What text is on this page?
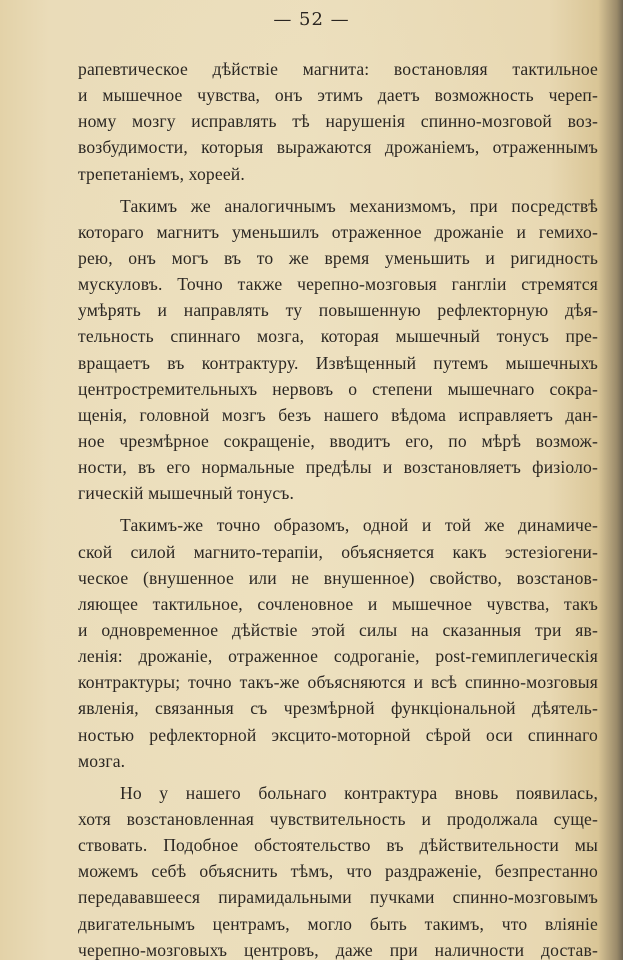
— 52 —
рапевтическое дѣйствіе магнита: востановляя тактильное
и мышечное чувства, онъ этимъ даетъ возможность череп-
ному мозгу исправлять тѣ нарушенія спинно-мозговой воз-
возбудимости, которыя выражаются дрожаніемъ, отраженнымъ
трепетаніемъ, хореей.
Такимъ же аналогичнымъ механизмомъ, при посредствѣ
котораго магнитъ уменьшилъ отраженное дрожаніе и гемихо-
рею, онъ могъ въ то же время уменьшить и ригидность
мускуловъ. Точно также черепно-мозговыя гангліи стремятся
умѣрять и направлять ту повышенную рефлекторную дѣя-
тельность спиннаго мозга, которая мышечный тонусъ пре-
вращаетъ въ контрактуру. Извѣщенный путемъ мышечныхъ
центростремительныхъ нервовъ о степени мышечнаго сокра-
щенія, головной мозгъ безъ нашего вѣдома исправляетъ дан-
ное чрезмѣрное сокращеніе, вводитъ его, по мѣрѣ возмож-
ности, въ его нормальные предѣлы и возстановляетъ физіоло-
гическій мышечный тонусъ.
Такимъ-же точно образомъ, одной и той же динамиче-
ской силой магнито-терапіи, объясняется какъ эстезіогени-
ческое (внушенное или не внушенное) свойство, возстанов-
ляющее тактильное, сочленовное и мышечное чувства, такъ
и одновременное дѣйствіе этой силы на сказанныя три яв-
ленія: дрожаніе, отраженное содроганіе, post-гемиплегическія
контрактуры; точно такъ-же объясняются и всѣ спинно-мозговыя
явленія, связанныя съ чрезмѣрной функціональной дѣятель-
ностью рефлекторной эксцито-моторной сѣрой оси спиннаго
мозга.
Но у нашего больнаго контрактура вновь появилась,
хотя возстановленная чувствительность и продолжала суще-
ствовать. Подобное обстоятельство въ дѣйствительности мы
можемъ себѣ объяснить тѣмъ, что раздраженіе, безпрестанно
передававшееся пирамидальными пучками спинно-мозговымъ
двигательнымъ центрамъ, могло быть такимъ, что вліяніе
черепно-мозговыхъ центровъ, даже при наличности достав-
